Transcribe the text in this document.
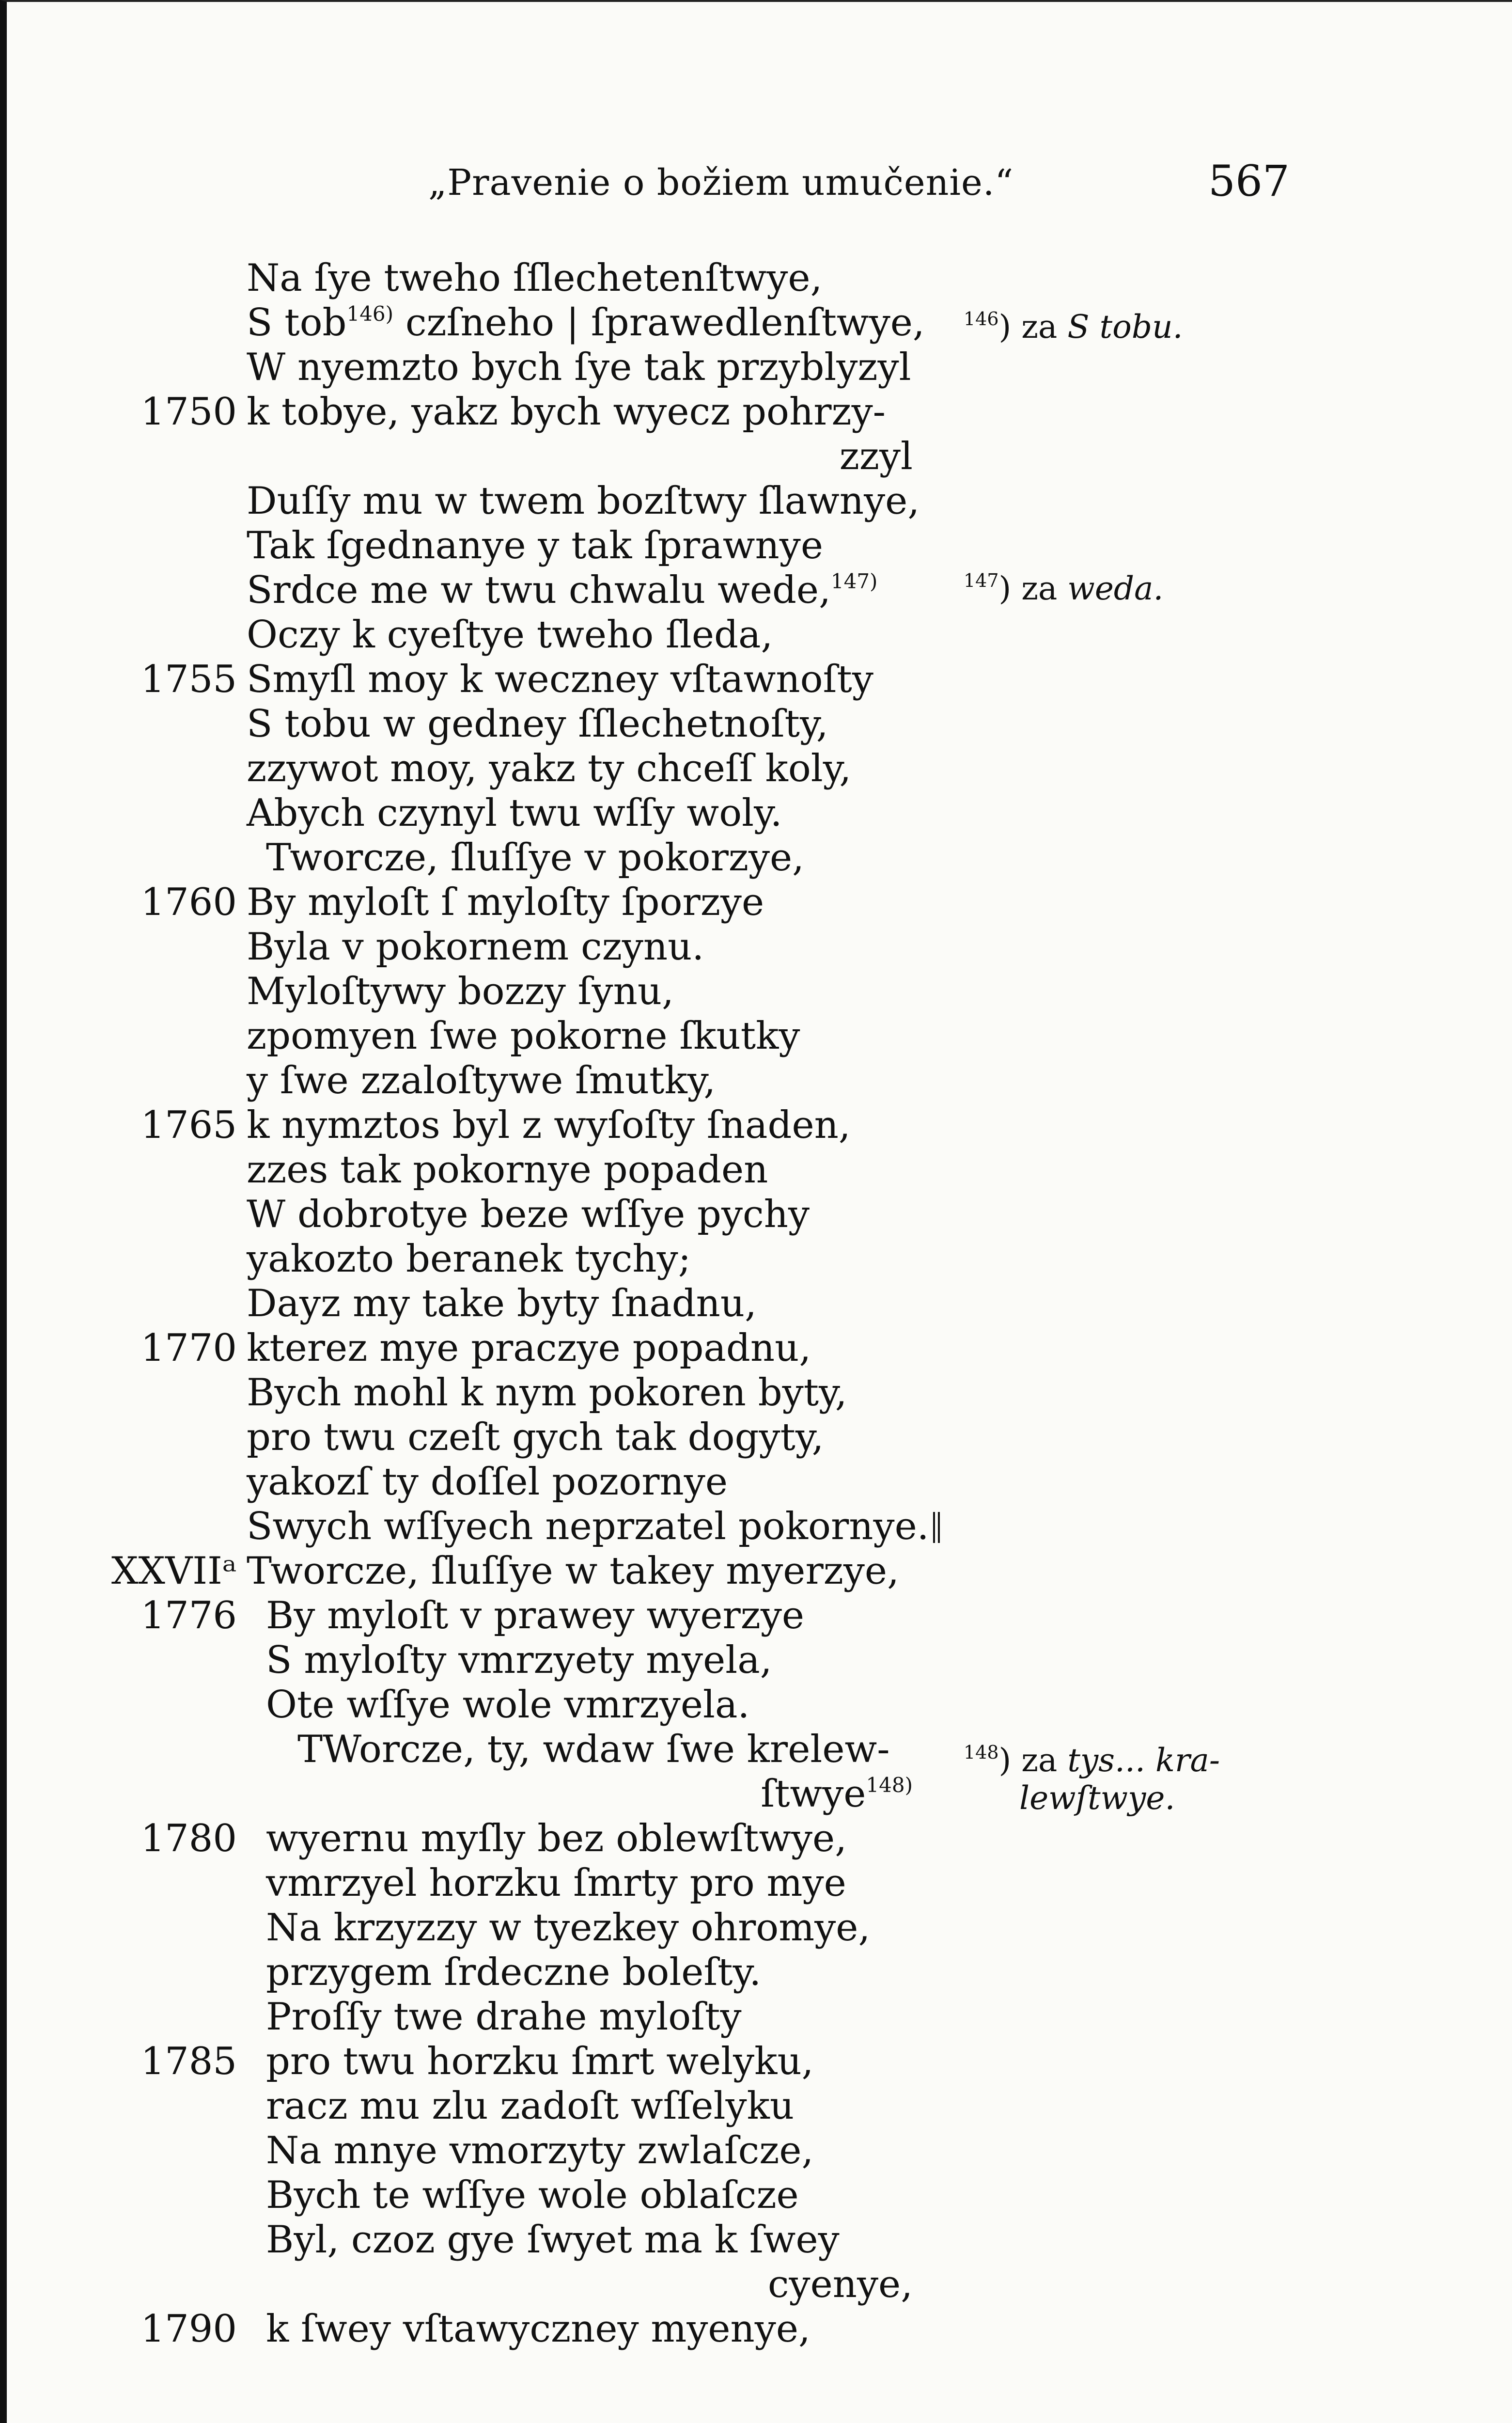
„Pravenie o božiem umučenie.“	567
Na ſye tweho ſſlechetenſtwye,
S tob$^{146)}$ czſneho | ſprawedlenſtwye,
W nyemzto bych ſye tak przyblyzyl
1750 k tobye, yakz bych wyecz pohrzy-
zzyl
Duſſy mu w twem bozſtwy ſlawnye,
Tak ſgednanye y tak ſprawnye
Srdce me w twu chwalu wede,$^{147)}$
Oczy k cyeſtye tweho ſleda,
1755 Smyſl moy k weczney vſtawnoſty
S tobu w gedney ſſlechetnoſty,
zzywot moy, yakz ty chceſſ koly,
Abych czynyl twu wſſy woly.
Tworcze, ſluſſye v pokorzye,
1760 By myloſt ſ myloſty ſporzye
Byla v pokornem czynu.
Myloſtywy bozzy ſynu,
zpomyen ſwe pokorne ſkutky
y ſwe zzaloſtywe ſmutky,
1765 k nymztos byl z wyſoſty ſnaden,
zzes tak pokornye popaden
W dobrotye beze wſſye pychy
yakozto beranek tychy;
Dayz my take byty ſnadnu,
1770 kterez mye praczye popadnu,
Bych mohl k nym pokoren byty,
pro twu czeſt gych tak dogyty,
yakozſ ty doſſel pozornye
Swych wſſyech neprzatel pokornye.
XXVIIᵃ Tworcze, ſluſſye w takey myerzye,
1776 By myloſt v prawey wyerzye
S myloſty vmrzyety myela,
Ote wſſye wole vmrzyela.
TWorcze, ty, wdaw ſwe krelew-
ſtwye$^{148)}$
1780 wyernu myſly bez oblewſtwye,
vmrzyel horzku ſmrty pro mye
Na krzyzzy w tyezkey ohromye,
przygem ſrdeczne boleſty.
Proſſy twe drahe myloſty
1785 pro twu horzku ſmrt welyku,
racz mu zlu zadoſt wſſelyku
Na mnye vmorzyty zwlaſcze,
Bych te wſſye wole oblaſcze
Byl, czoz gye ſwyet ma k ſwey
cyenye,
1790 k ſwey vſtawyczney myenye,
$^{146}$) za S tobu.
$^{147}$) za weda.
$^{148}$) za tys... kra-
lewſtwye.
